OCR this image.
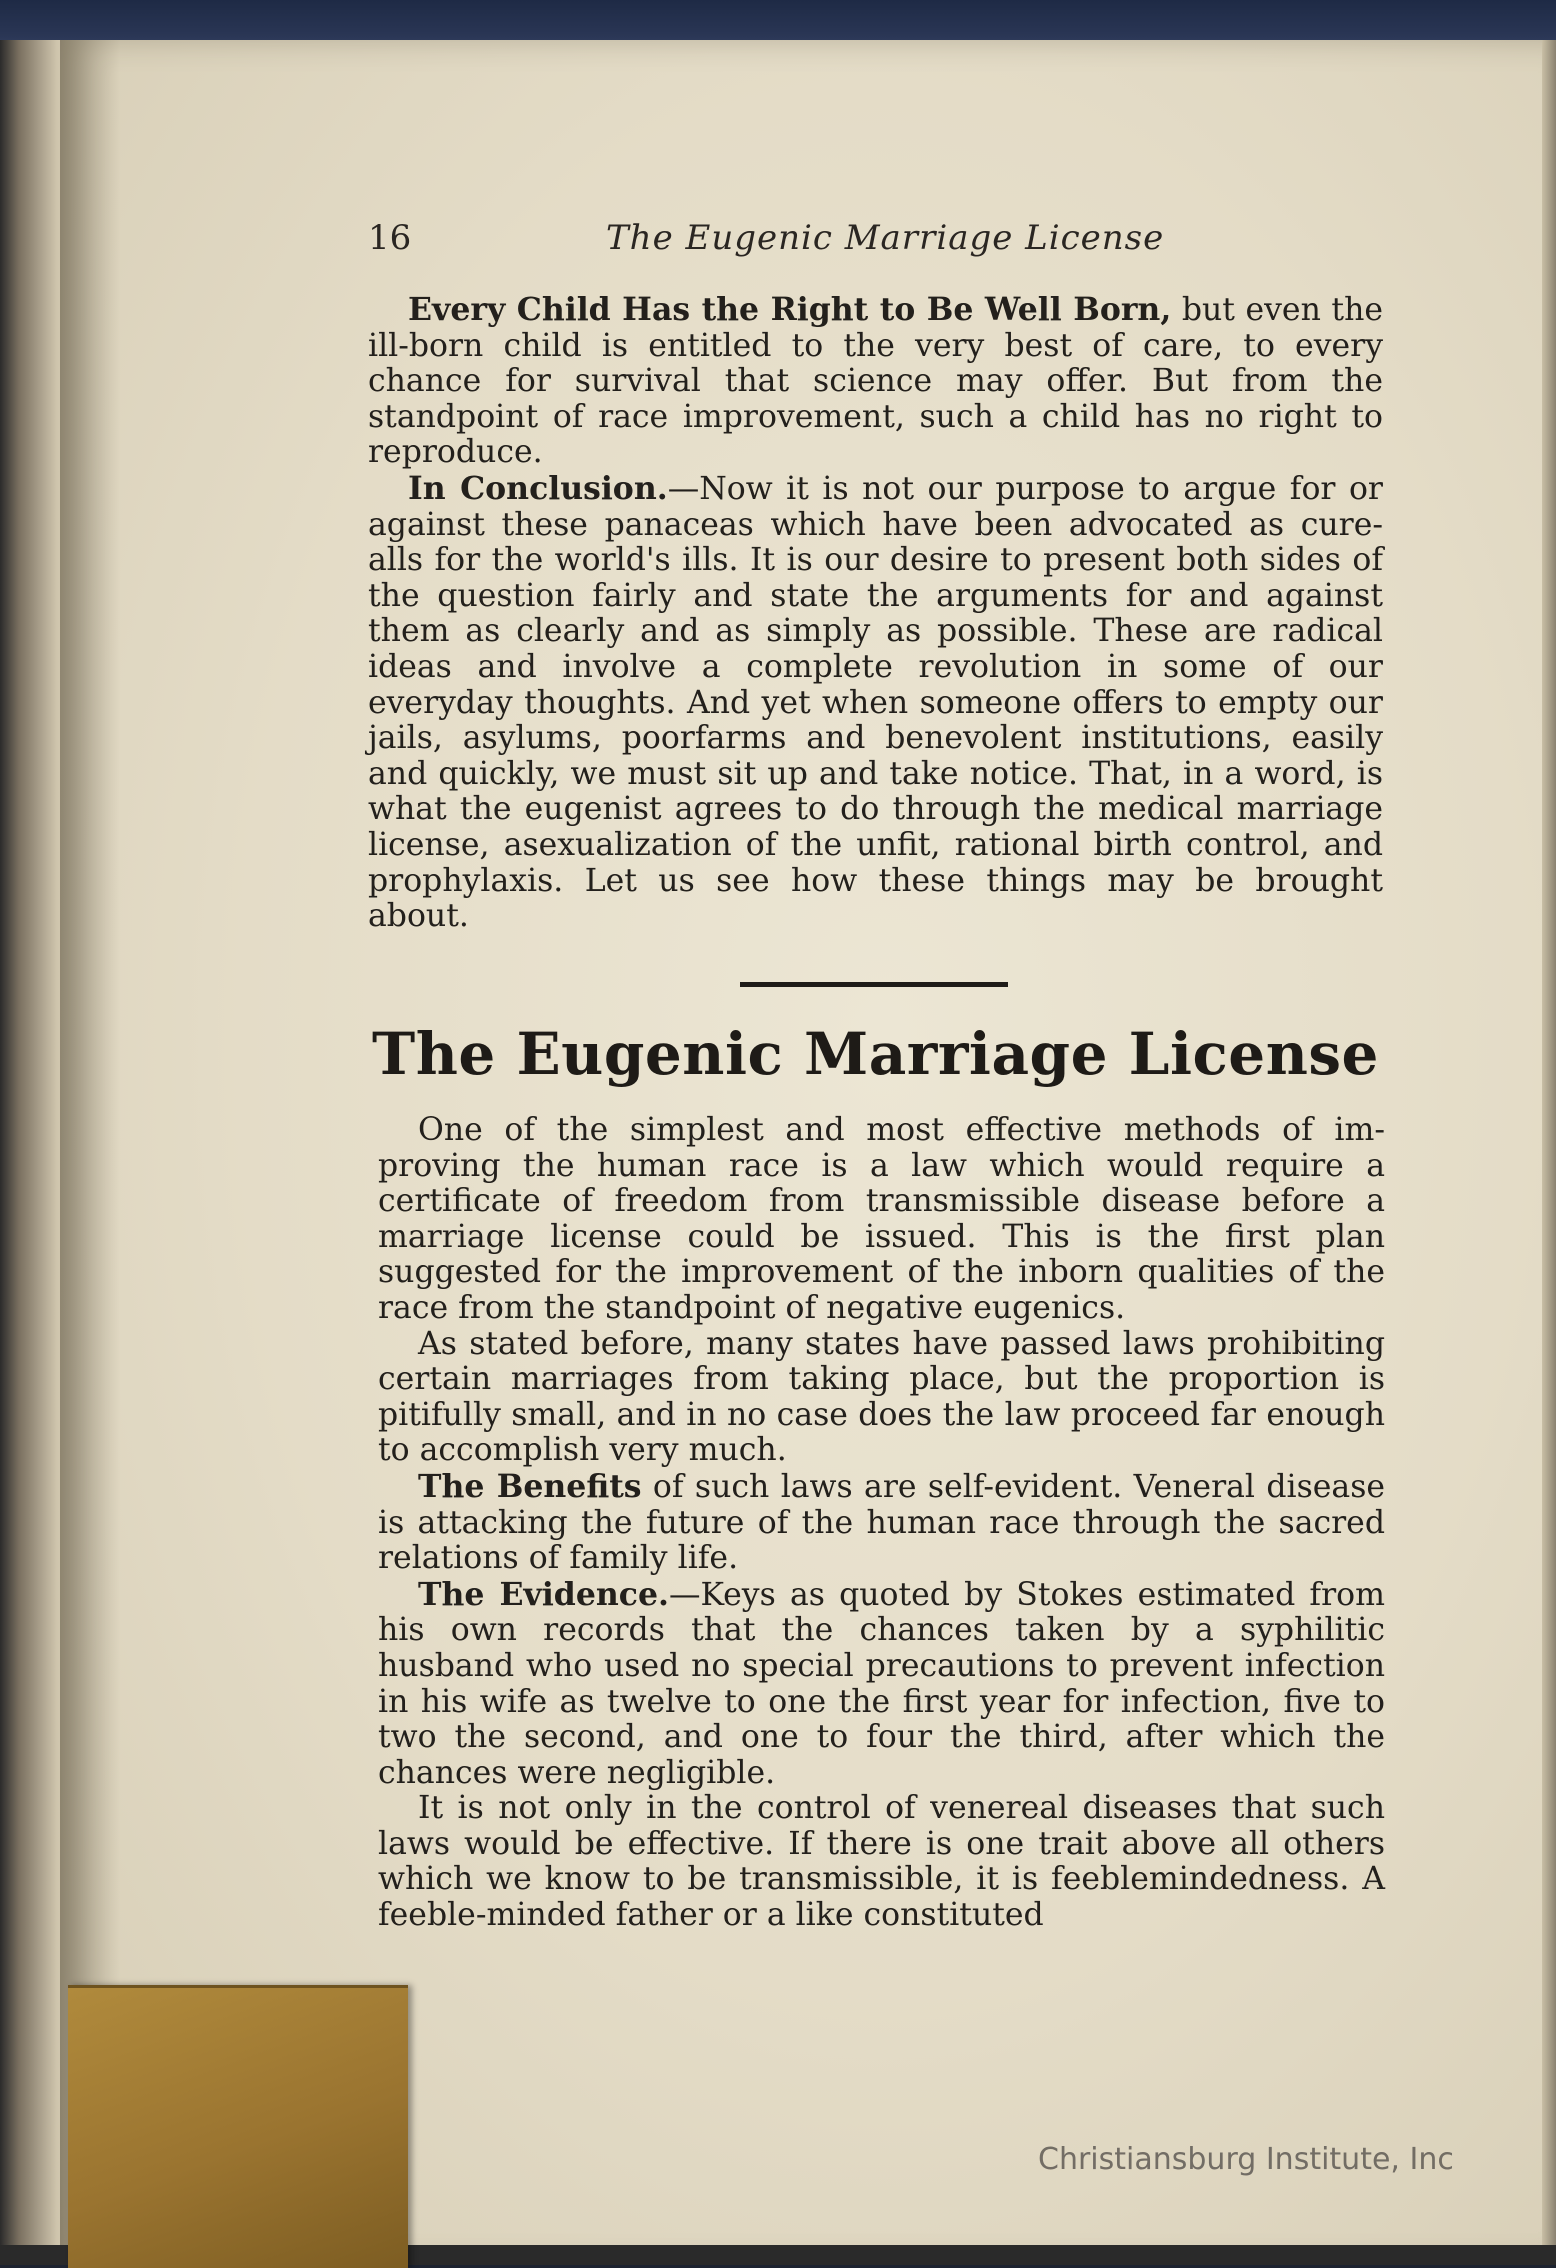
16	The Eugenic Marriage License

Every Child Has the Right to Be Well Born, but even the ill-born child is entitled to the very best of care, to every chance for survival that science may offer. But from the standpoint of race improvement, such a child has no right to reproduce.

In Conclusion.—Now it is not our purpose to argue for or against these panaceas which have been advocated as cure-alls for the world's ills. It is our desire to present both sides of the question fairly and state the arguments for and against them as clearly and as simply as possible. These are radical ideas and involve a complete revolution in some of our everyday thoughts. And yet when someone offers to empty our jails, asylums, poorfarms and benevolent institutions, easily and quickly, we must sit up and take notice. That, in a word, is what the eugenist agrees to do through the medical marriage license, asexualization of the unfit, rational birth control, and prophylaxis. Let us see how these things may be brought about.

The Eugenic Marriage License

One of the simplest and most effective methods of improving the human race is a law which would require a certificate of freedom from transmissible disease before a marriage license could be issued. This is the first plan suggested for the improvement of the inborn qualities of the race from the standpoint of negative eugenics.

As stated before, many states have passed laws prohibiting certain marriages from taking place, but the proportion is pitifully small, and in no case does the law proceed far enough to accomplish very much.

The Benefits of such laws are self-evident. Veneral disease is attacking the future of the human race through the sacred relations of family life.

The Evidence.—Keys as quoted by Stokes estimated from his own records that the chances taken by a syphilitic husband who used no special precautions to prevent infection in his wife as twelve to one the first year for infection, five to two the second, and one to four the third, after which the chances were negligible.

It is not only in the control of venereal diseases that such laws would be effective. If there is one trait above all others which we know to be transmissible, it is feeblemindedness. A feeble-minded father or a like constituted

Christiansburg Institute, Inc
